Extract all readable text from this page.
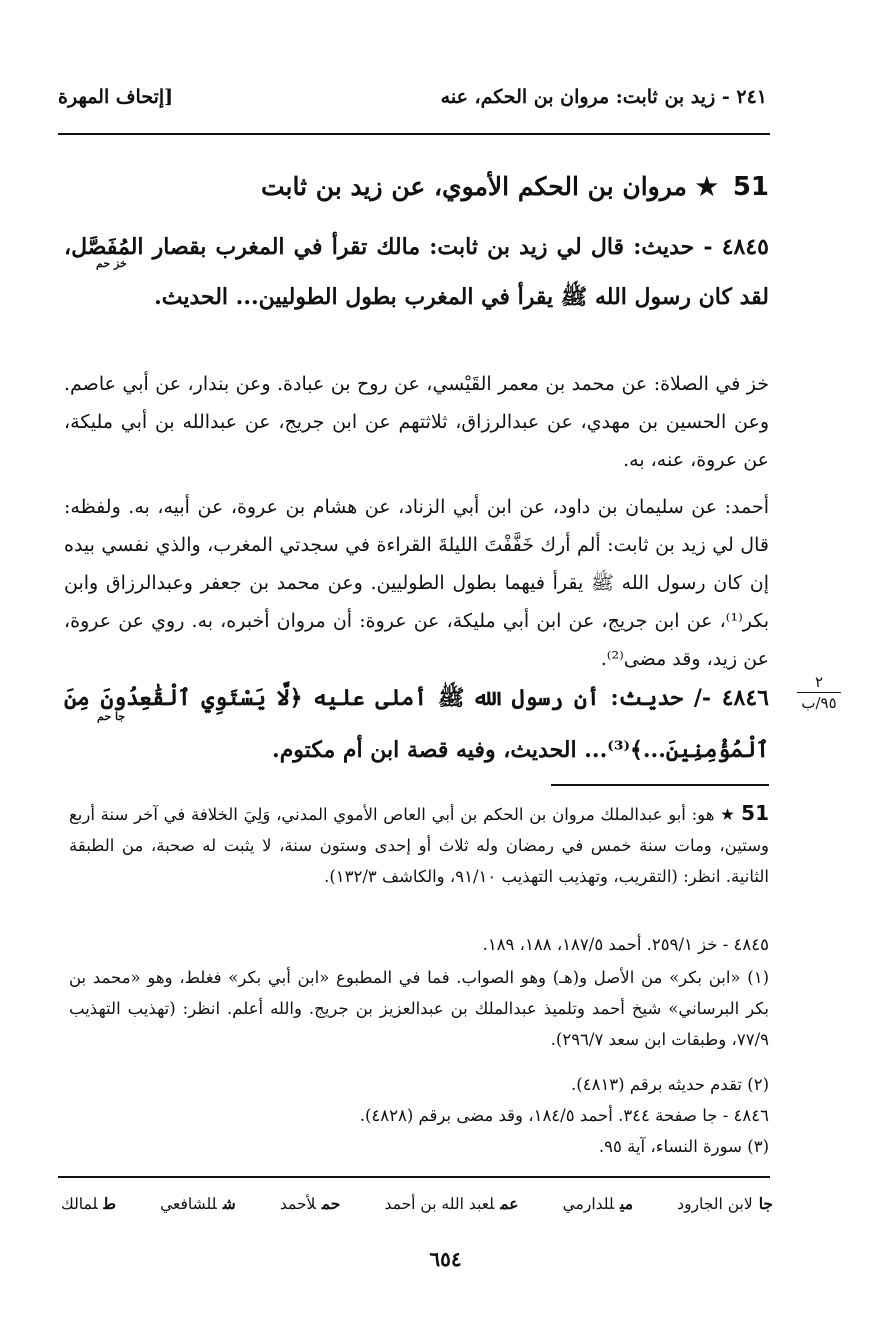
٢٤١ - زيد بن ثابت: مروان بن الحكم، عنه
[إتحاف المهرة
51 ★ مروان بن الحكم الأموي، عن زيد بن ثابت
خز حم
٤٨٤٥ - حديث: قال لي زيد بن ثابت: مالك تقرأ في المغرب بقصار المُفَصَّل، لقد كان رسول الله ﷺ يقرأ في المغرب بطول الطوليين... الحديث.
خز في الصلاة: عن محمد بن معمر القَيْسي، عن روح بن عبادة. وعن بندار، عن أبي عاصم. وعن الحسين بن مهدي، عن عبدالرزاق، ثلاثتهم عن ابن جريج، عن عبدالله بن أبي مليكة، عن عروة، عنه، به.
أحمد: عن سليمان بن داود، عن ابن أبي الزناد، عن هشام بن عروة، عن أبيه، به. ولفظه: قال لي زيد بن ثابت: ألم أرك خَفَّفْتَ الليلةَ القراءة في سجدتي المغرب، والذي نفسي بيده إن كان رسول الله ﷺ يقرأ فيهما بطول الطوليين. وعن محمد بن جعفر وعبدالرزاق وابن بكر⁽¹⁾، عن ابن جريج، عن ابن أبي مليكة، عن عروة: أن مروان أخبره، به. روي عن عروة، عن زيد، وقد مضى⁽²⁾.
٢
٩٥/ب
جا حم
٤٨٤٦ -/ حديث: أن رسول الله ﷺ أملى عليه ﴿لَّا يَسْتَوِي ٱلْقَٰعِدُونَ مِنَ ٱلْمُؤْمِنِينَ...﴾⁽³⁾... الحديث، وفيه قصة ابن أم مكتوم.
51 ★ هو: أبو عبدالملك مروان بن الحكم بن أبي العاص الأموي المدني، وَلِيَ الخلافة في آخر سنة أربع وستين، ومات سنة خمس في رمضان وله ثلاث أو إحدى وستون سنة، لا يثبت له صحبة، من الطبقة الثانية. انظر: (التقريب، وتهذيب التهذيب ٩١/١٠، والكاشف ١٣٢/٣).
٤٨٤٥ - خز ٢٥٩/١. أحمد ١٨٧/٥، ١٨٨، ١٨٩.
(١) «ابن بكر» من الأصل و(هـ) وهو الصواب. فما في المطبوع «ابن أبي بكر» فغلط، وهو «محمد بن بكر البرساني» شيخ أحمد وتلميذ عبدالملك بن عبدالعزيز بن جريج. والله أعلم. انظر: (تهذيب التهذيب ٧٧/٩، وطبقات ابن سعد ٢٩٦/٧).
(٢) تقدم حديثه برقم (٤٨١٣).
٤٨٤٦ - جا صفحة ٣٤٤. أحمد ١٨٤/٥، وقد مضى برقم (٤٨٢٨).
(٣) سورة النساء، آية ٩٥.
طلمالك	شللشافعي	حملأحمد	عملعبد الله بن أحمد	ميللدارمي	جالابن الجارود
٦٥٤
